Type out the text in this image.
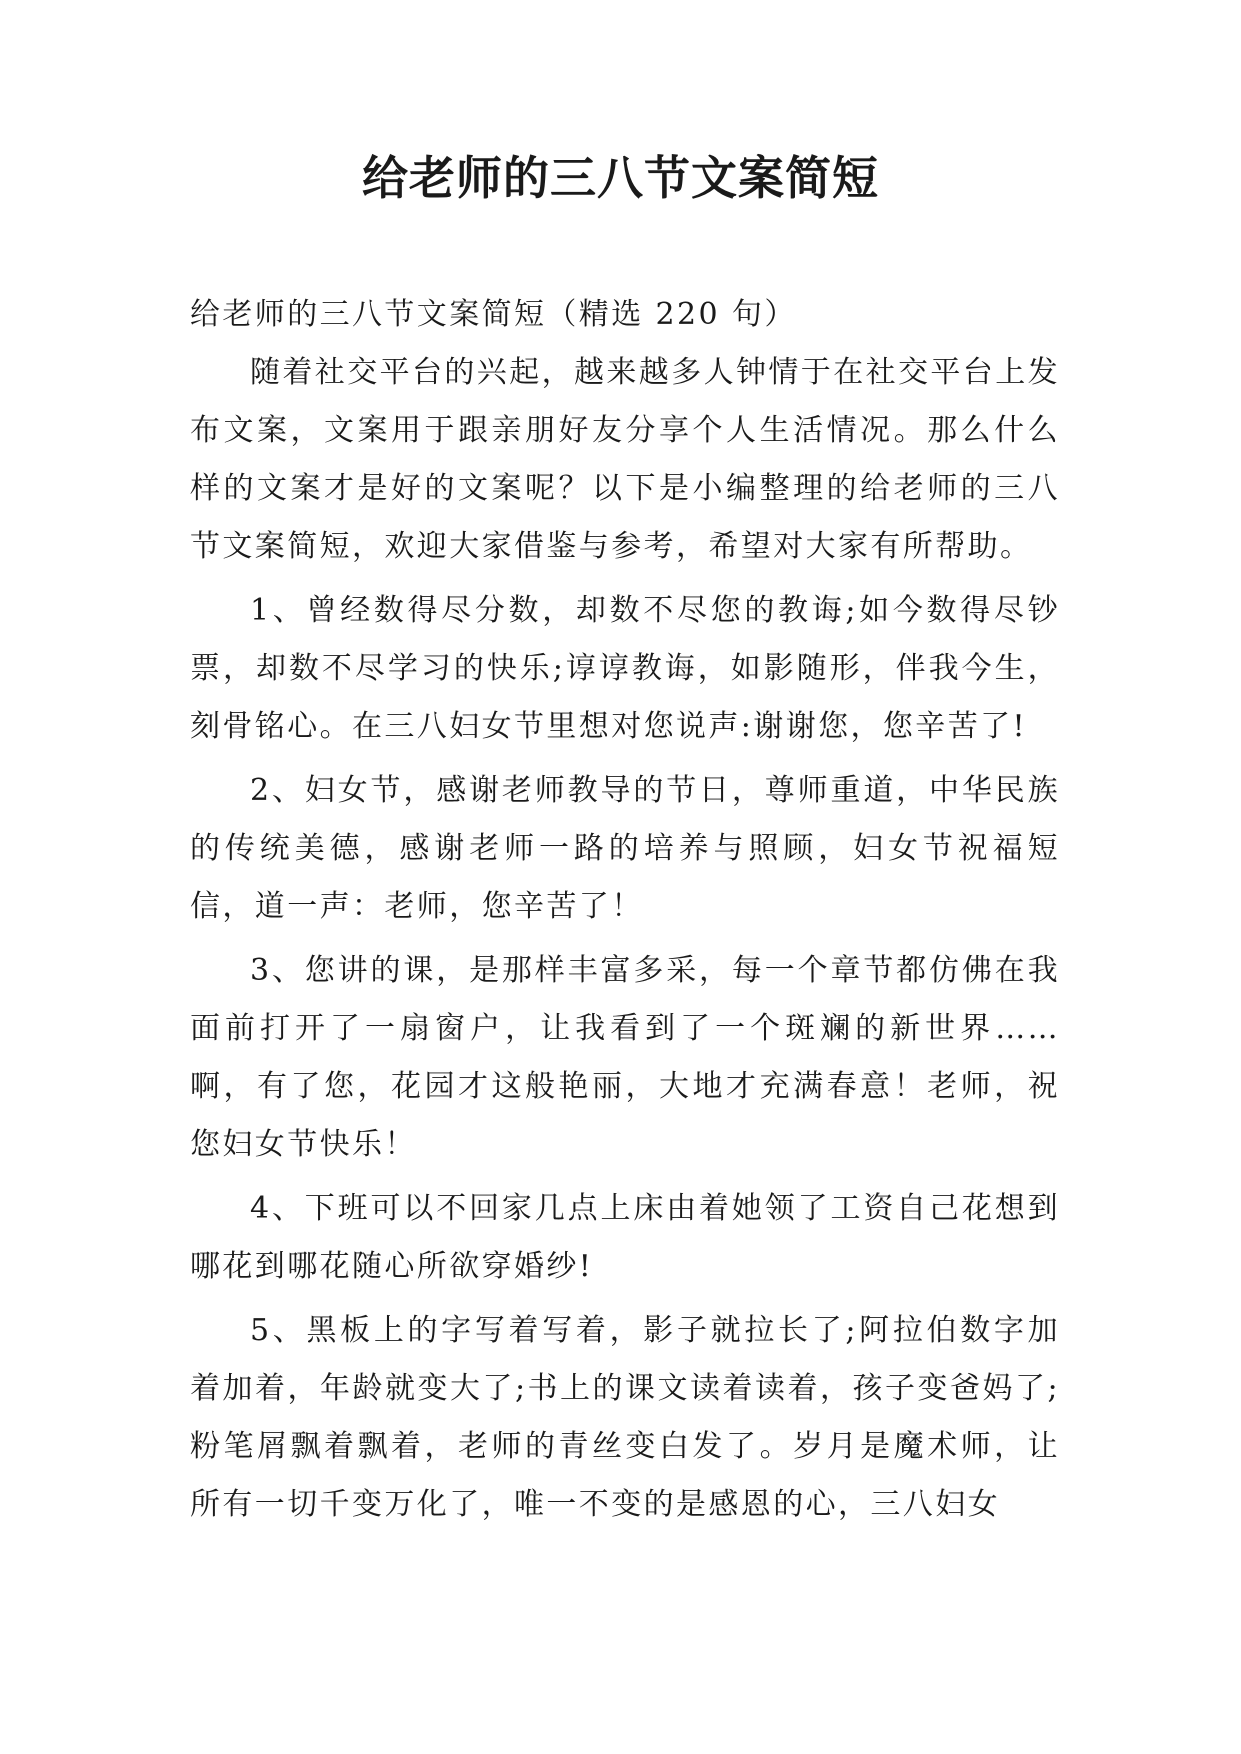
给老师的三八节文案简短

给老师的三八节文案简短（精选 220 句）

随着社交平台的兴起，越来越多人钟情于在社交平台上发布文案，文案用于跟亲朋好友分享个人生活情况。那么什么样的文案才是好的文案呢？以下是小编整理的给老师的三八节文案简短，欢迎大家借鉴与参考，希望对大家有所帮助。

1、曾经数得尽分数，却数不尽您的教诲;如今数得尽钞票，却数不尽学习的快乐;谆谆教诲，如影随形，伴我今生，刻骨铭心。在三八妇女节里想对您说声:谢谢您，您辛苦了!

2、妇女节，感谢老师教导的节日，尊师重道，中华民族的传统美德，感谢老师一路的培养与照顾，妇女节祝福短信，道一声：老师，您辛苦了！

3、您讲的课，是那样丰富多采，每一个章节都仿佛在我面前打开了一扇窗户，让我看到了一个斑斓的新世界……啊，有了您，花园才这般艳丽，大地才充满春意！老师，祝您妇女节快乐！

4、下班可以不回家几点上床由着她领了工资自己花想到哪花到哪花随心所欲穿婚纱!

5、黑板上的字写着写着，影子就拉长了;阿拉伯数字加着加着，年龄就变大了;书上的课文读着读着，孩子变爸妈了;粉笔屑飘着飘着，老师的青丝变白发了。岁月是魔术师，让所有一切千变万化了，唯一不变的是感恩的心，三八妇女
